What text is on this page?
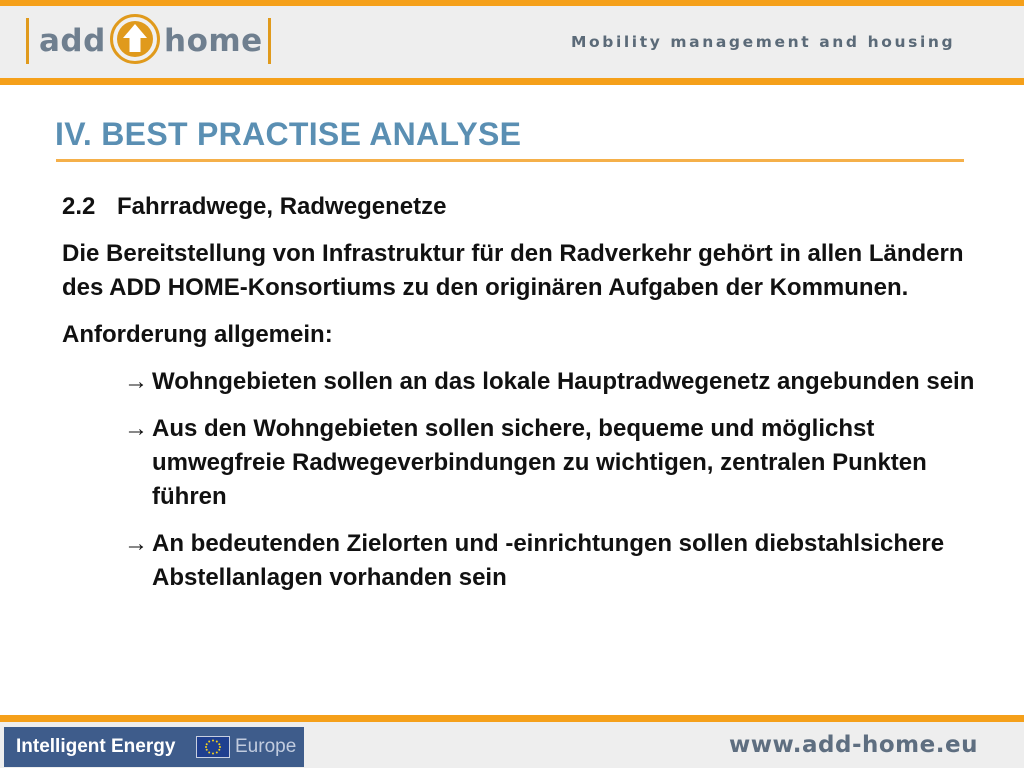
add home	Mobility management and housing
IV. BEST PRACTISE ANALYSE
2.2 Fahrradwege, Radwegenetze

Die Bereitstellung von Infrastruktur für den Radverkehr gehört in allen Ländern des ADD HOME-Konsortiums zu den originären Aufgaben der Kommunen.

Anforderung allgemein:

→ Wohngebieten sollen an das lokale Hauptradwegenetz angebunden sein
→ Aus den Wohngebieten sollen sichere, bequeme und möglichst umwegfreie Radwegeverbindungen zu wichtigen, zentralen Punkten führen
→ An bedeutenden Zielorten und -einrichtungen sollen diebstahlsichere Abstellanlagen vorhanden sein
Intelligent Energy	Europe	www.add-home.eu
